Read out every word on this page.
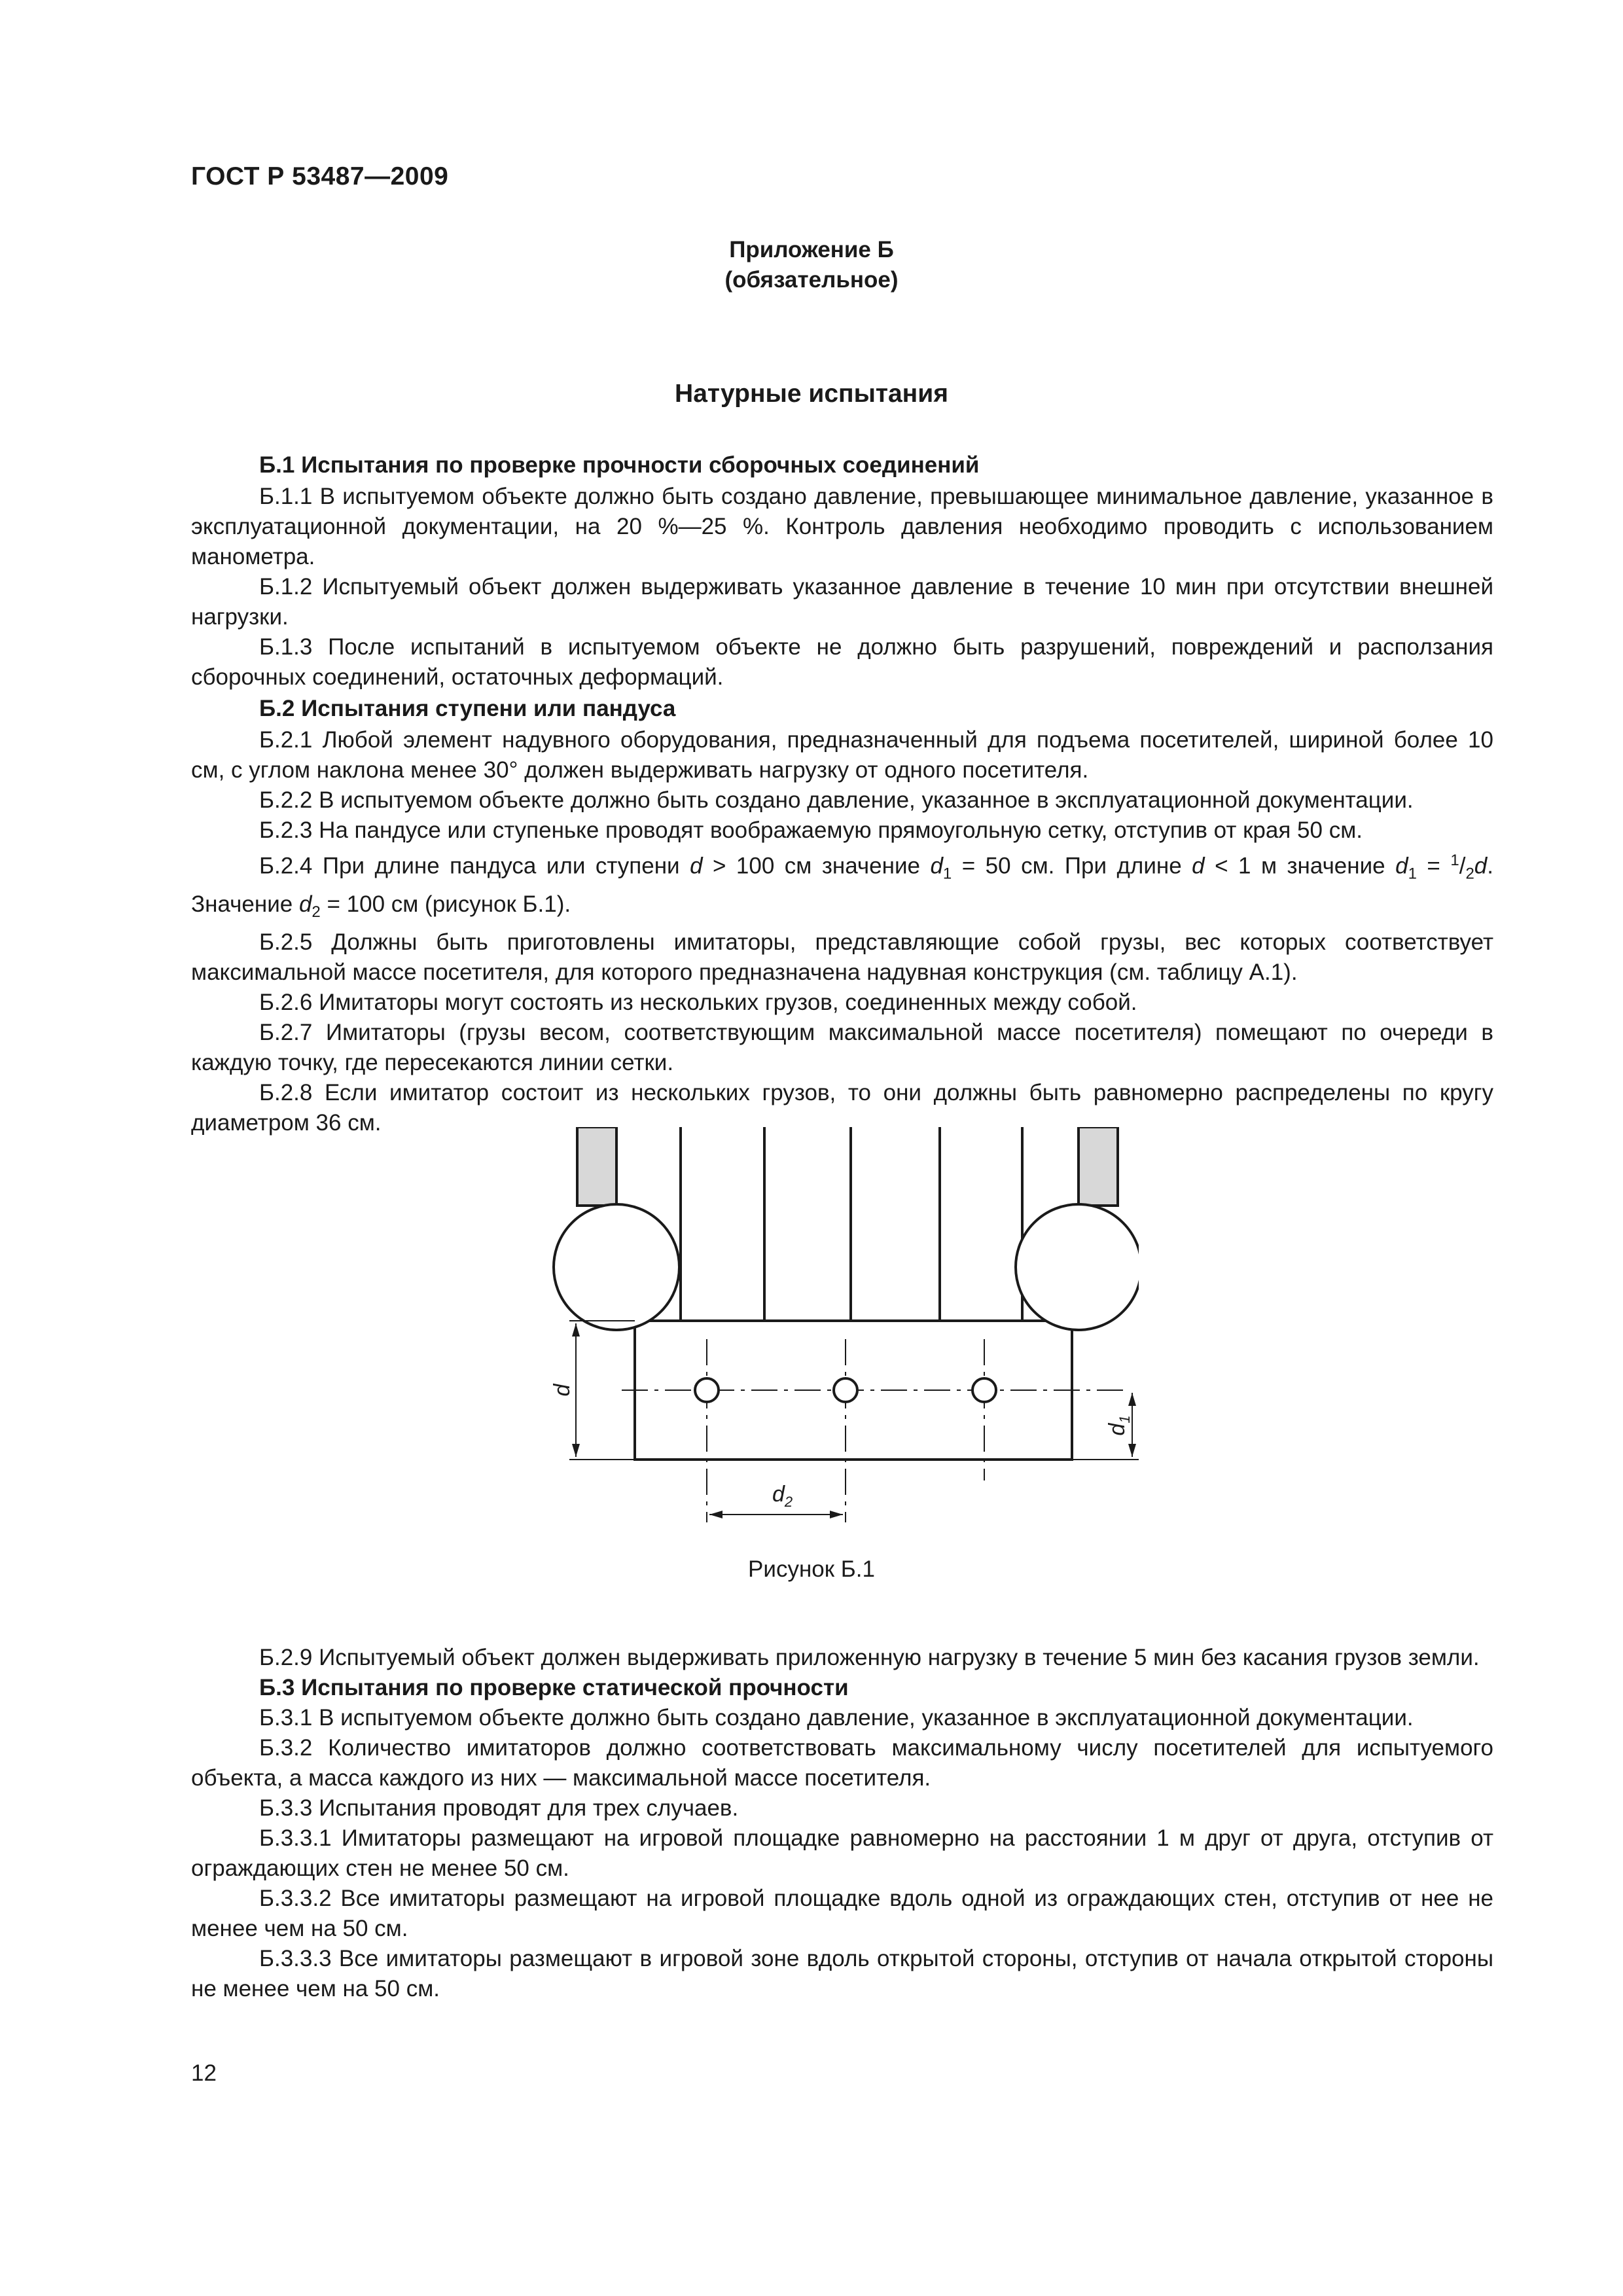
ГОСТ Р 53487—2009
Приложение Б
(обязательное)
Натурные испытания

Б.1 Испытания по проверке прочности сборочных соединений

Б.1.1 В испытуемом объекте должно быть создано давление, превышающее минимальное давление, указанное в эксплуатационной документации, на 20 %—25 %. Контроль давления необходимо проводить с использованием манометра.

Б.1.2 Испытуемый объект должен выдерживать указанное давление в течение 10 мин при отсутствии внешней нагрузки.

Б.1.3 После испытаний в испытуемом объекте не должно быть разрушений, повреждений и расползания сборочных соединений, остаточных деформаций.

Б.2 Испытания ступени или пандуса

Б.2.1 Любой элемент надувного оборудования, предназначенный для подъема посетителей, шириной более 10 см, с углом наклона менее 30° должен выдерживать нагрузку от одного посетителя.

Б.2.2 В испытуемом объекте должно быть создано давление, указанное в эксплуатационной документации.

Б.2.3 На пандусе или ступеньке проводят воображаемую прямоугольную сетку, отступив от края 50 см.

Б.2.4 При длине пандуса или ступени d > 100 см значение $d_1 = 50$ см. При длине d < 1 м значение $d_1 = ^1/_2d$. Значение $d_2 = 100$ см (рисунок Б.1).

Б.2.5 Должны быть приготовлены имитаторы, представляющие собой грузы, вес которых соответствует максимальной массе посетителя, для которого предназначена надувная конструкция (см. таблицу А.1).

Б.2.6 Имитаторы могут состоять из нескольких грузов, соединенных между собой.

Б.2.7 Имитаторы (грузы весом, соответствующим максимальной массе посетителя) помещают по очереди в каждую точку, где пересекаются линии сетки.

Б.2.8 Если имитатор состоит из нескольких грузов, то они должны быть равномерно распределены по кругу диаметром 36 см.

d
$d_1$
$d_2$
Рисунок Б.1

Б.2.9 Испытуемый объект должен выдерживать приложенную нагрузку в течение 5 мин без касания грузов земли.

Б.3 Испытания по проверке статической прочности

Б.3.1 В испытуемом объекте должно быть создано давление, указанное в эксплуатационной документации.

Б.3.2 Количество имитаторов должно соответствовать максимальному числу посетителей для испытуемого объекта, а масса каждого из них — максимальной массе посетителя.

Б.3.3 Испытания проводят для трех случаев.

Б.3.3.1 Имитаторы размещают на игровой площадке равномерно на расстоянии 1 м друг от друга, отступив от ограждающих стен не менее 50 см.

Б.3.3.2 Все имитаторы размещают на игровой площадке вдоль одной из ограждающих стен, отступив от нее не менее чем на 50 см.

Б.3.3.3 Все имитаторы размещают в игровой зоне вдоль открытой стороны, отступив от начала открытой стороны не менее чем на 50 см.

12
